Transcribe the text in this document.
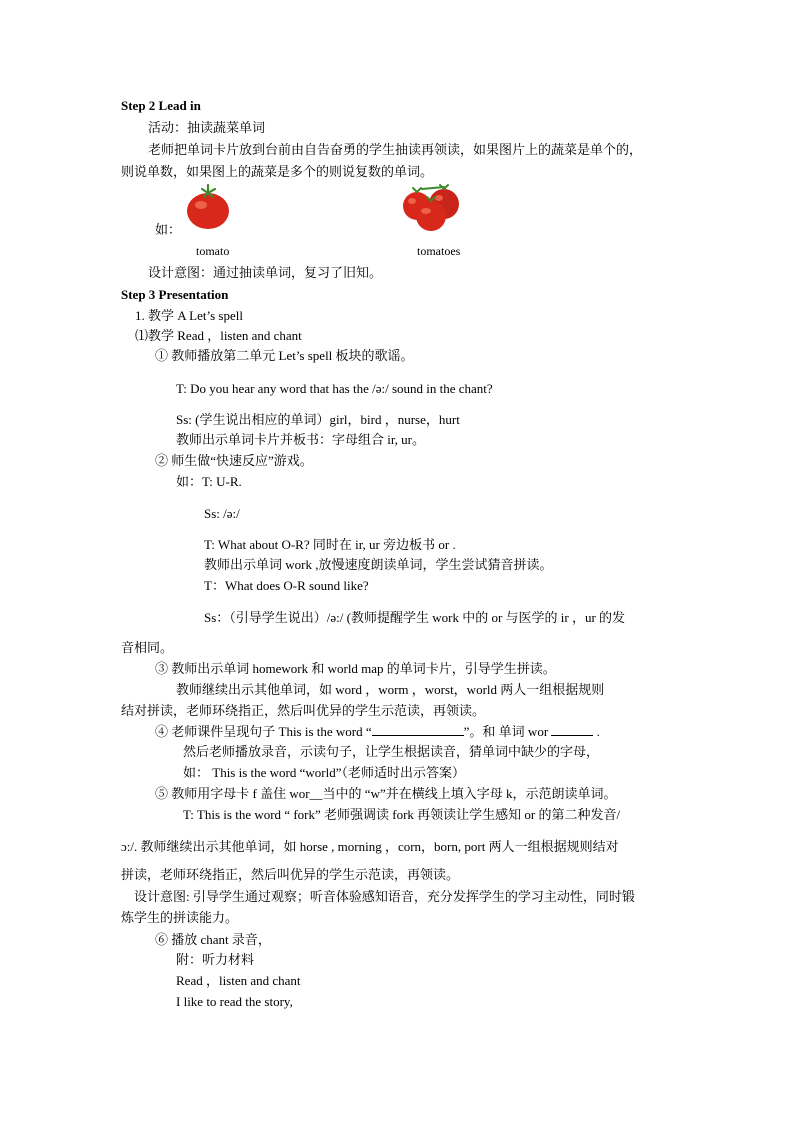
Step 2 Lead in
活动：抽读蔬菜单词
老师把单词卡片放到台前由自告奋勇的学生抽读再领读，如果图片上的蔬菜是单个的，
则说单数，如果图上的蔬菜是多个的则说复数的单词。
如：
tomato	tomatoes
设计意图：通过抽读单词，复习了旧知。
Step 3 Presentation
1. 教学 A Let’s spell
⑴教学 Read ，listen and chant
① 教师播放第二单元 Let’s spell 板块的歌谣。
T: Do you hear any word that has the /ə:/ sound in the chant?
Ss: (学生说出相应的单词）girl，bird ，nurse，hurt
教师出示单词卡片并板书：字母组合 ir, ur。
② 师生做“快速反应”游戏。
如：T: U-R.
Ss: /ə:/
T: What about O-R? 同时在 ir, ur 旁边板书 or .
教师出示单词 work ,放慢速度朗读单词，学生尝试猜音拼读。
T：What does O-R sound like?
Ss：（引导学生说出）/ə:/ (教师提醒学生 work 中的 or 与医学的 ir ，ur 的发
音相同。
③ 教师出示单词 homework 和 world map 的单词卡片，引导学生拼读。
教师继续出示其他单词，如 word ，worm ，worst，world 两人一组根据规则
结对拼读，老师环绕指正，然后叫优异的学生示范读，再领读。
④ 老师课件呈现句子 This is the word “	”。和 单词 wor	.
然后老师播放录音，示读句子，让学生根据读音，猜单词中缺少的字母，
如： This is the word “world”（老师适时出示答案）
⑤ 教师用字母卡 f 盖住 wor__当中的 “w”并在横线上填入字母 k，示范朗读单词。
T: This is the word “ fork” 老师强调读 fork 再领读让学生感知 or 的第二种发音/
ɔ:/. 教师继续出示其他单词，如 horse , morning ，corn，born, port 两人一组根据规则结对
拼读，老师环绕指正，然后叫优异的学生示范读，再领读。
设计意图: 引导学生通过观察；听音体验感知语音，充分发挥学生的学习主动性，同时锻
炼学生的拼读能力。
⑥ 播放 chant 录音，
附：听力材料
Read ，listen and chant
I like to read the story,
